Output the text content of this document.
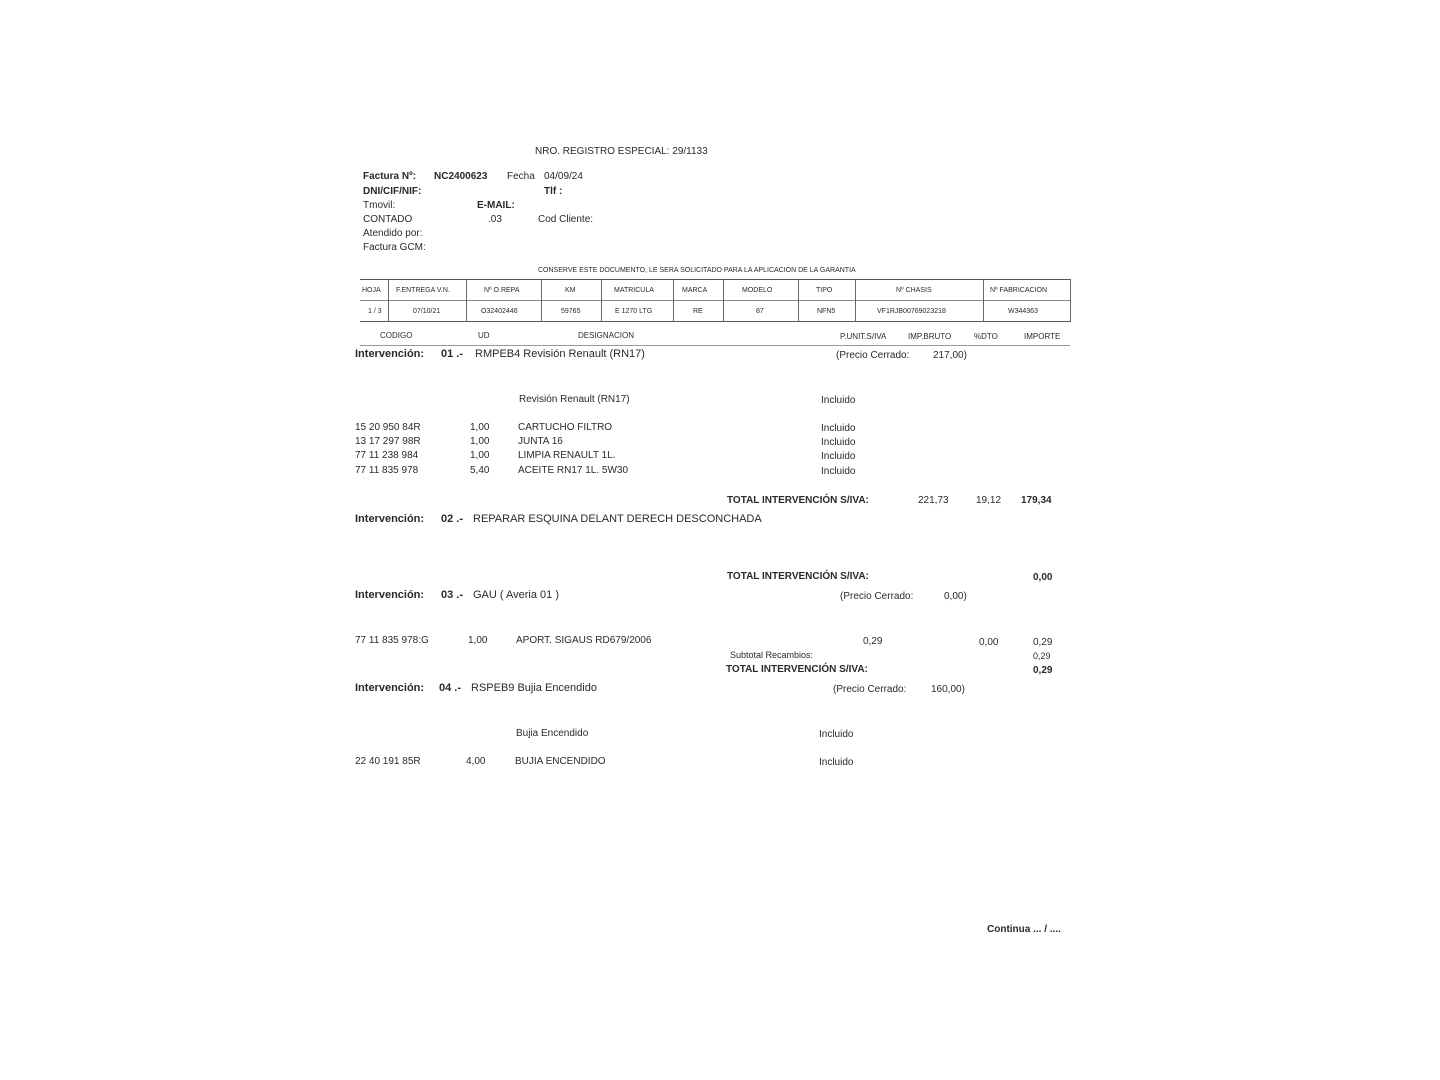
NRO. REGISTRO ESPECIAL: 29/1133
Factura Nº: NC2400623 Fecha 04/09/24
DNI/CIF/NIF:	Tlf :
Tmovil:	E-MAIL:
CONTADO	.03	Cod Cliente:
Atendido por:
Factura GCM:
CONSERVE ESTE DOCUMENTO, LE SERA SOLICITADO PARA LA APLICACION DE LA GARANTIA
HOJA F.ENTREGA V.N.	Nº O.REPA	KM	MATRICULA	MARCA	MODELO	TIPO	Nº CHASIS	Nº FABRICACION
1 / 3	07/10/21	O32402446	59765	E 1270 LTG	RE	87	NFN5	VF1RJB00769023218	W344363
CODIGO	UD	DESIGNACION	P.UNIT.S/IVA	IMP.BRUTO	%DTO	IMPORTE
Intervención: 01 .- RMPEB4 Revisión Renault (RN17)	(Precio Cerrado: 217,00)
Revisión Renault (RN17)	Incluido
15 20 950 84R	1,00	CARTUCHO FILTRO	Incluido
13 17 297 98R	1,00	JUNTA 16	Incluido
77 11 238 984	1,00	LIMPIA RENAULT 1L.	Incluido
77 11 835 978	5,40	ACEITE RN17 1L. 5W30	Incluido
TOTAL INTERVENCIÓN S/IVA:	221,73	19,12 179,34
Intervención: 02 .- REPARAR ESQUINA DELANT DERECH DESCONCHADA
TOTAL INTERVENCIÓN S/IVA:	0,00
Intervención: 03 .- GAU ( Averia 01 )	(Precio Cerrado:	0,00)
77 11 835 978:G	1,00	APORT. SIGAUS RD679/2006	0,29	0,00	0,29
Subtotal Recambios:	0,29
TOTAL INTERVENCIÓN S/IVA:	0,29
Intervención: 04 .- RSPEB9 Bujia Encendido	(Precio Cerrado: 160,00)
Bujia Encendido	Incluido
22 40 191 85R	4,00	BUJIA ENCENDIDO	Incluido
Continua ... / ....
